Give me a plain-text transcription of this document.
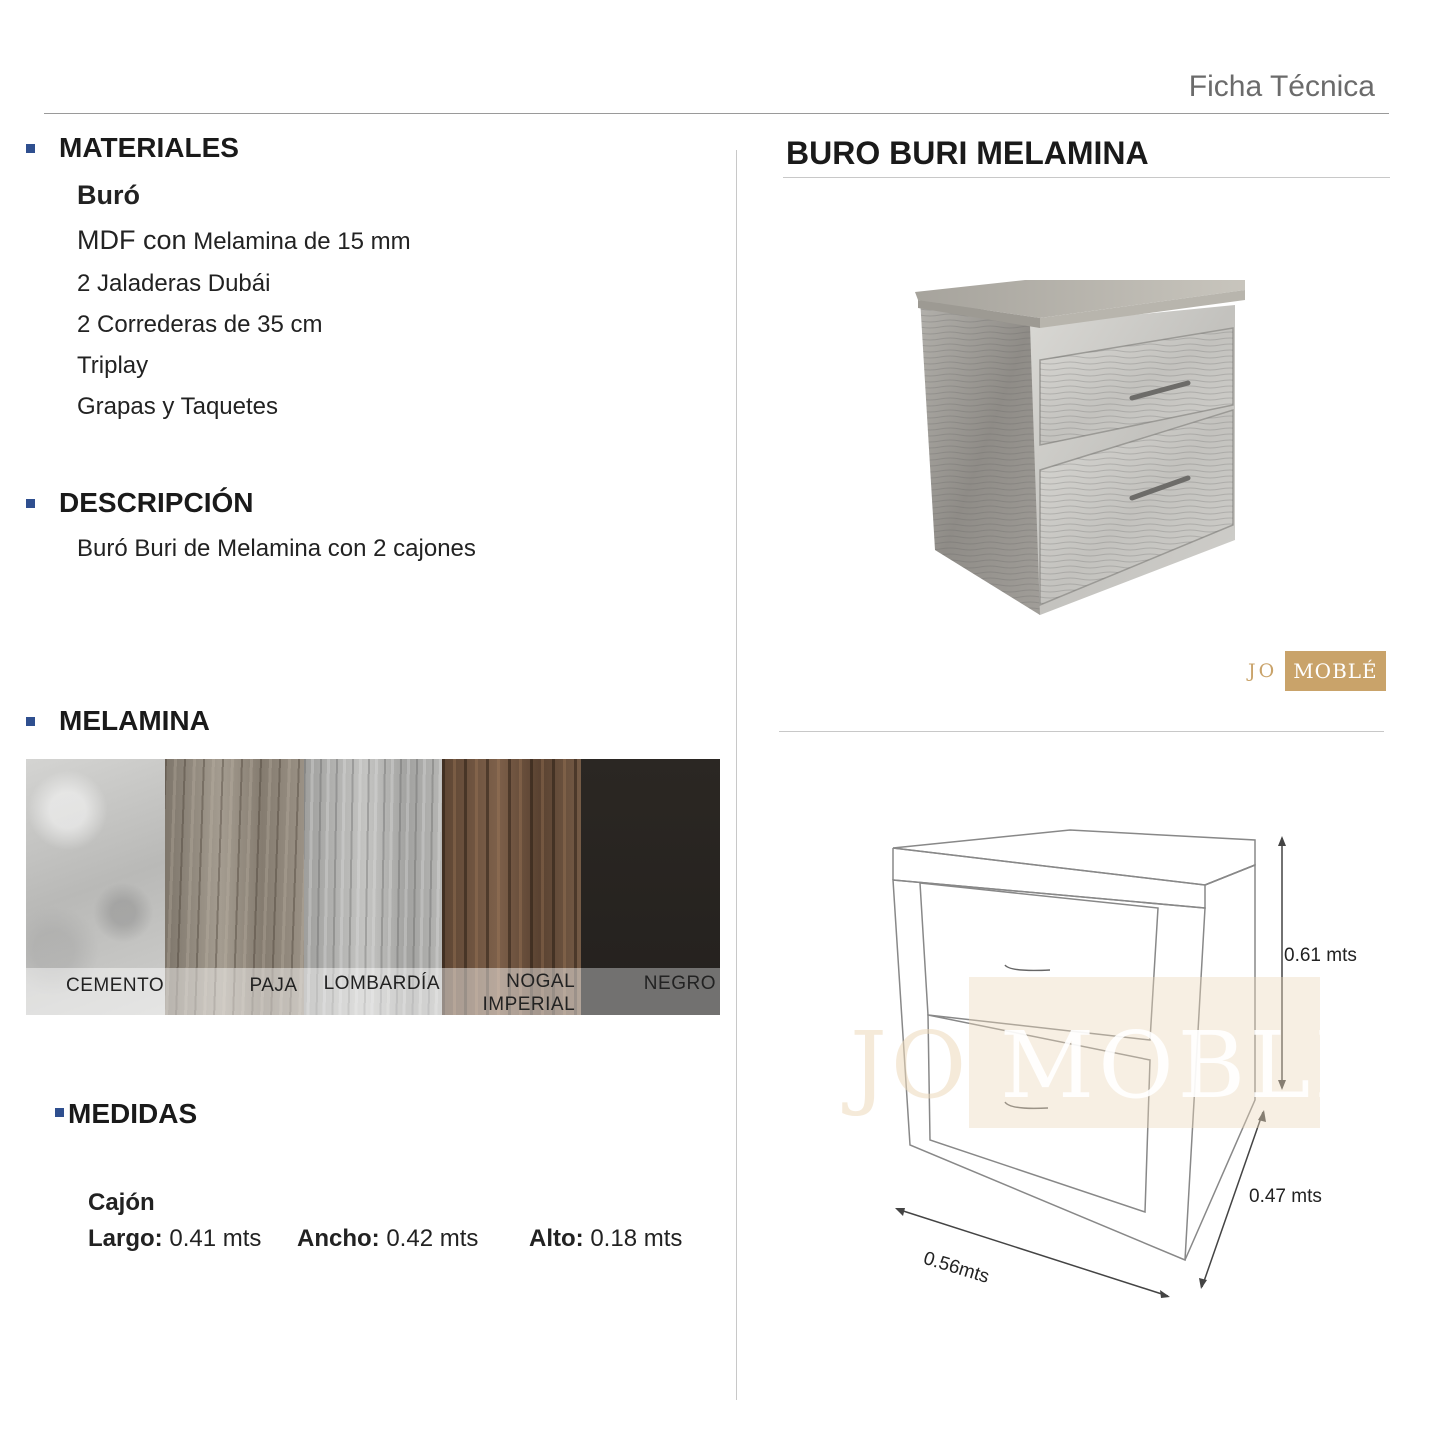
Ficha Técnica
MATERIALES
Buró
MDF con Melamina de 15 mm
2 Jaladeras Dubái
2 Correderas de 35 cm
Triplay
Grapas y Taquetes
DESCRIPCIÓN
Buró Buri de Melamina con 2 cajones
MELAMINA
CEMENTO	PAJA LOMBARDÍA	NOGAL
IMPERIAL
NEGRO
MEDIDAS
Cajón
Largo: 0.41 mts Ancho: 0.42 mts Alto: 0.18 mts
BURO BURI MELAMINA
JO MOBLÉ
JO MOBLÉ
0.61 mts
0.47 mts
0.56mts
